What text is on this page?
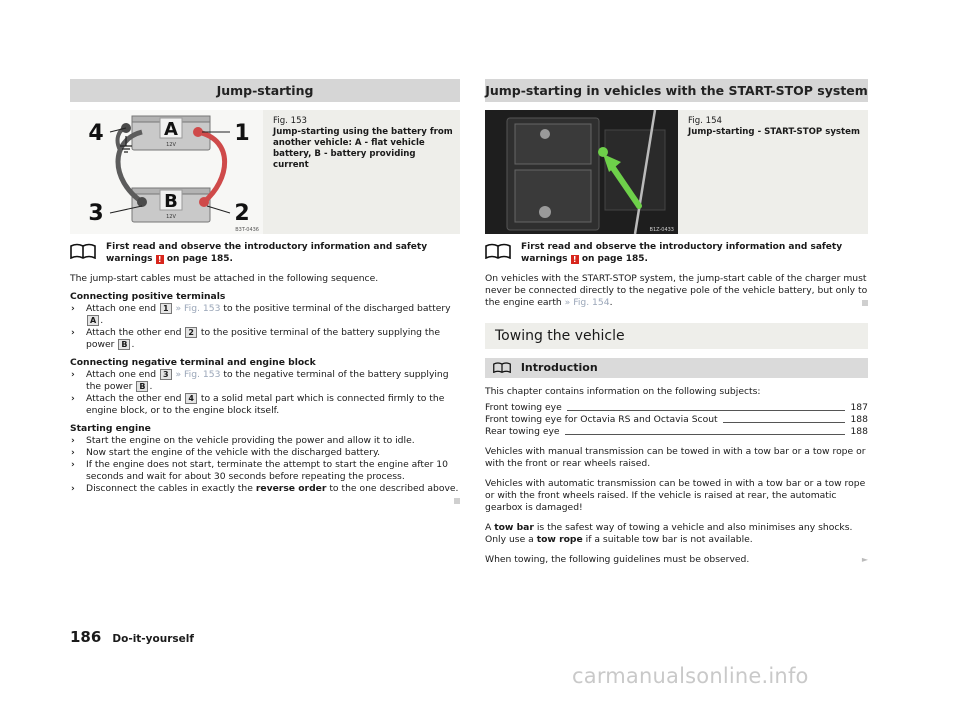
Jump-starting
A
B
12V
12V
4	1
3	2
B3T-0436
Fig. 153
Jump-starting using the battery from another vehicle: A - flat vehicle battery, B - battery providing current
First read and observe the introductory information and safety warnings ! on page 185.

The jump-start cables must be attached in the following sequence.

Connecting positive terminals
› Attach one end 1 » Fig. 153 to the positive terminal of the discharged battery A .
› Attach the other end 2 to the positive terminal of the battery supplying the power B .
Connecting negative terminal and engine block
› Attach one end 3 » Fig. 153 to the negative terminal of the battery supplying the power B .
› Attach the other end 4 to a solid metal part which is connected firmly to the engine block, or to the engine block itself.
Starting engine
› Start the engine on the vehicle providing the power and allow it to idle.
› Now start the engine of the vehicle with the discharged battery.
› If the engine does not start, terminate the attempt to start the engine after 10 seconds and wait for about 30 seconds before repeating the process.
› Disconnect the cables in exactly the reverse order to the one described above.
Jump-starting in vehicles with the START-STOP system
B1Z-0433
Fig. 154
Jump-starting - START-STOP system
First read and observe the introductory information and safety warnings ! on page 185.

On vehicles with the START-STOP system, the jump-start cable of the charger must never be connected directly to the negative pole of the vehicle battery, but only to the engine earth » Fig. 154.

Towing the vehicle
Introduction

This chapter contains information on the following subjects:

Front towing eye	187
Front towing eye for Octavia RS and Octavia Scout	188
Rear towing eye	188

Vehicles with manual transmission can be towed in with a tow bar or a tow rope or with the front or rear wheels raised.

Vehicles with automatic transmission can be towed in with a tow bar or a tow rope or with the front wheels raised. If the vehicle is raised at rear, the automatic gearbox is damaged!

A tow bar is the safest way of towing a vehicle and also minimises any shocks. Only use a tow rope if a suitable tow bar is not available.

When towing, the following guidelines must be observed.	►

186 Do-it-yourself
carmanualsonline.info
